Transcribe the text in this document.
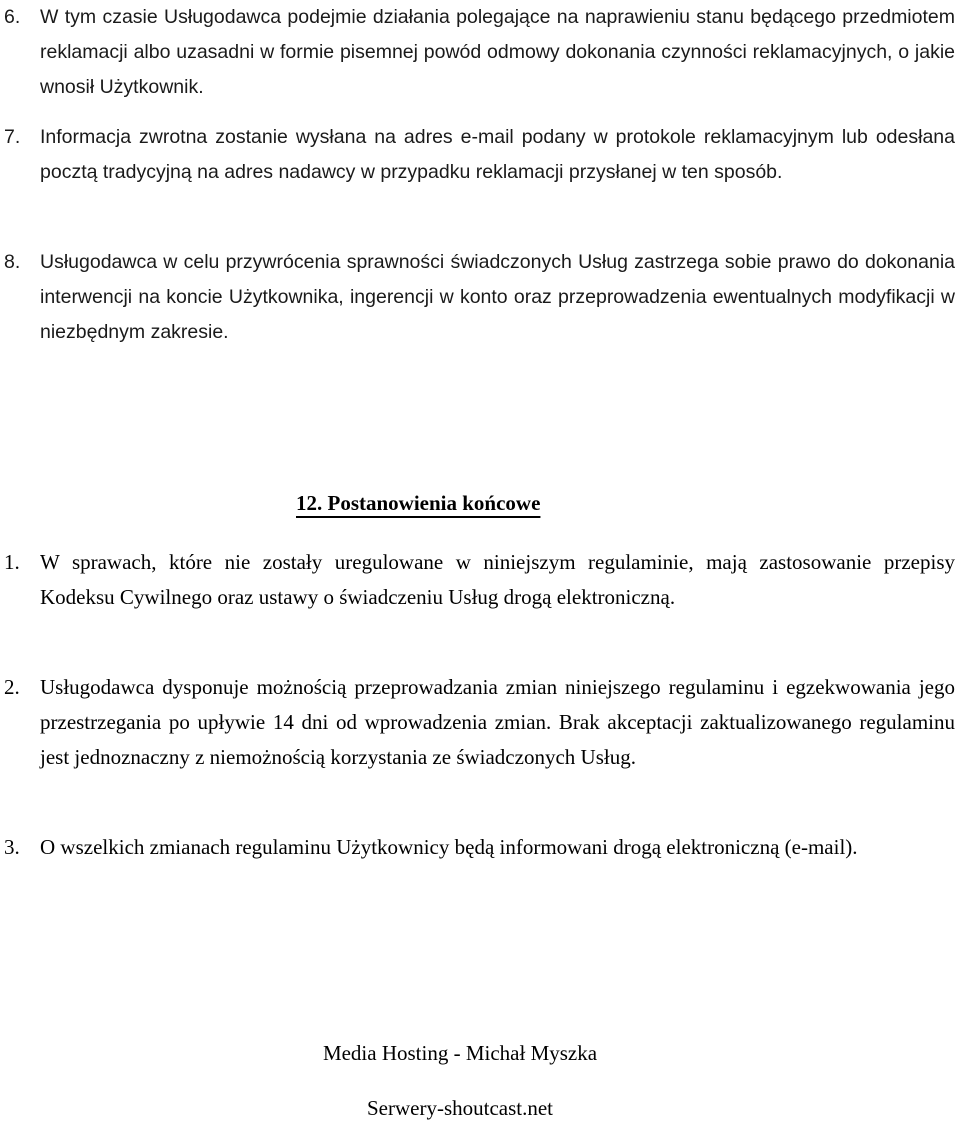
6. W tym czasie Usługodawca podejmie działania polegające na naprawieniu stanu będącego przedmiotem reklamacji albo uzasadni w formie pisemnej powód odmowy dokonania czynności reklamacyjnych, o jakie wnosił Użytkownik.

7. Informacja zwrotna zostanie wysłana na adres e-mail podany w protokole reklamacyjnym lub odesłana pocztą tradycyjną na adres nadawcy w przypadku reklamacji przysłanej w ten sposób.

8. Usługodawca w celu przywrócenia sprawności świadczonych Usług zastrzega sobie prawo do dokonania interwencji na koncie Użytkownika, ingerencji w konto oraz przeprowadzenia ewentualnych modyfikacji w niezbędnym zakresie.

12. Postanowienia końcowe
1. W sprawach, które nie zostały uregulowane w niniejszym regulaminie, mają zastosowanie przepisy Kodeksu Cywilnego oraz ustawy o świadczeniu Usług drogą elektroniczną.

2. Usługodawca dysponuje możnością przeprowadzania zmian niniejszego regulaminu i egzekwowania jego przestrzegania po upływie 14 dni od wprowadzenia zmian. Brak akceptacji zaktualizowanego regulaminu jest jednoznaczny z niemożnością korzystania ze świadczonych Usług.

3. O wszelkich zmianach regulaminu Użytkownicy będą informowani drogą elektroniczną (e-mail).

Media Hosting - Michał Myszka
Serwery-shoutcast.net
